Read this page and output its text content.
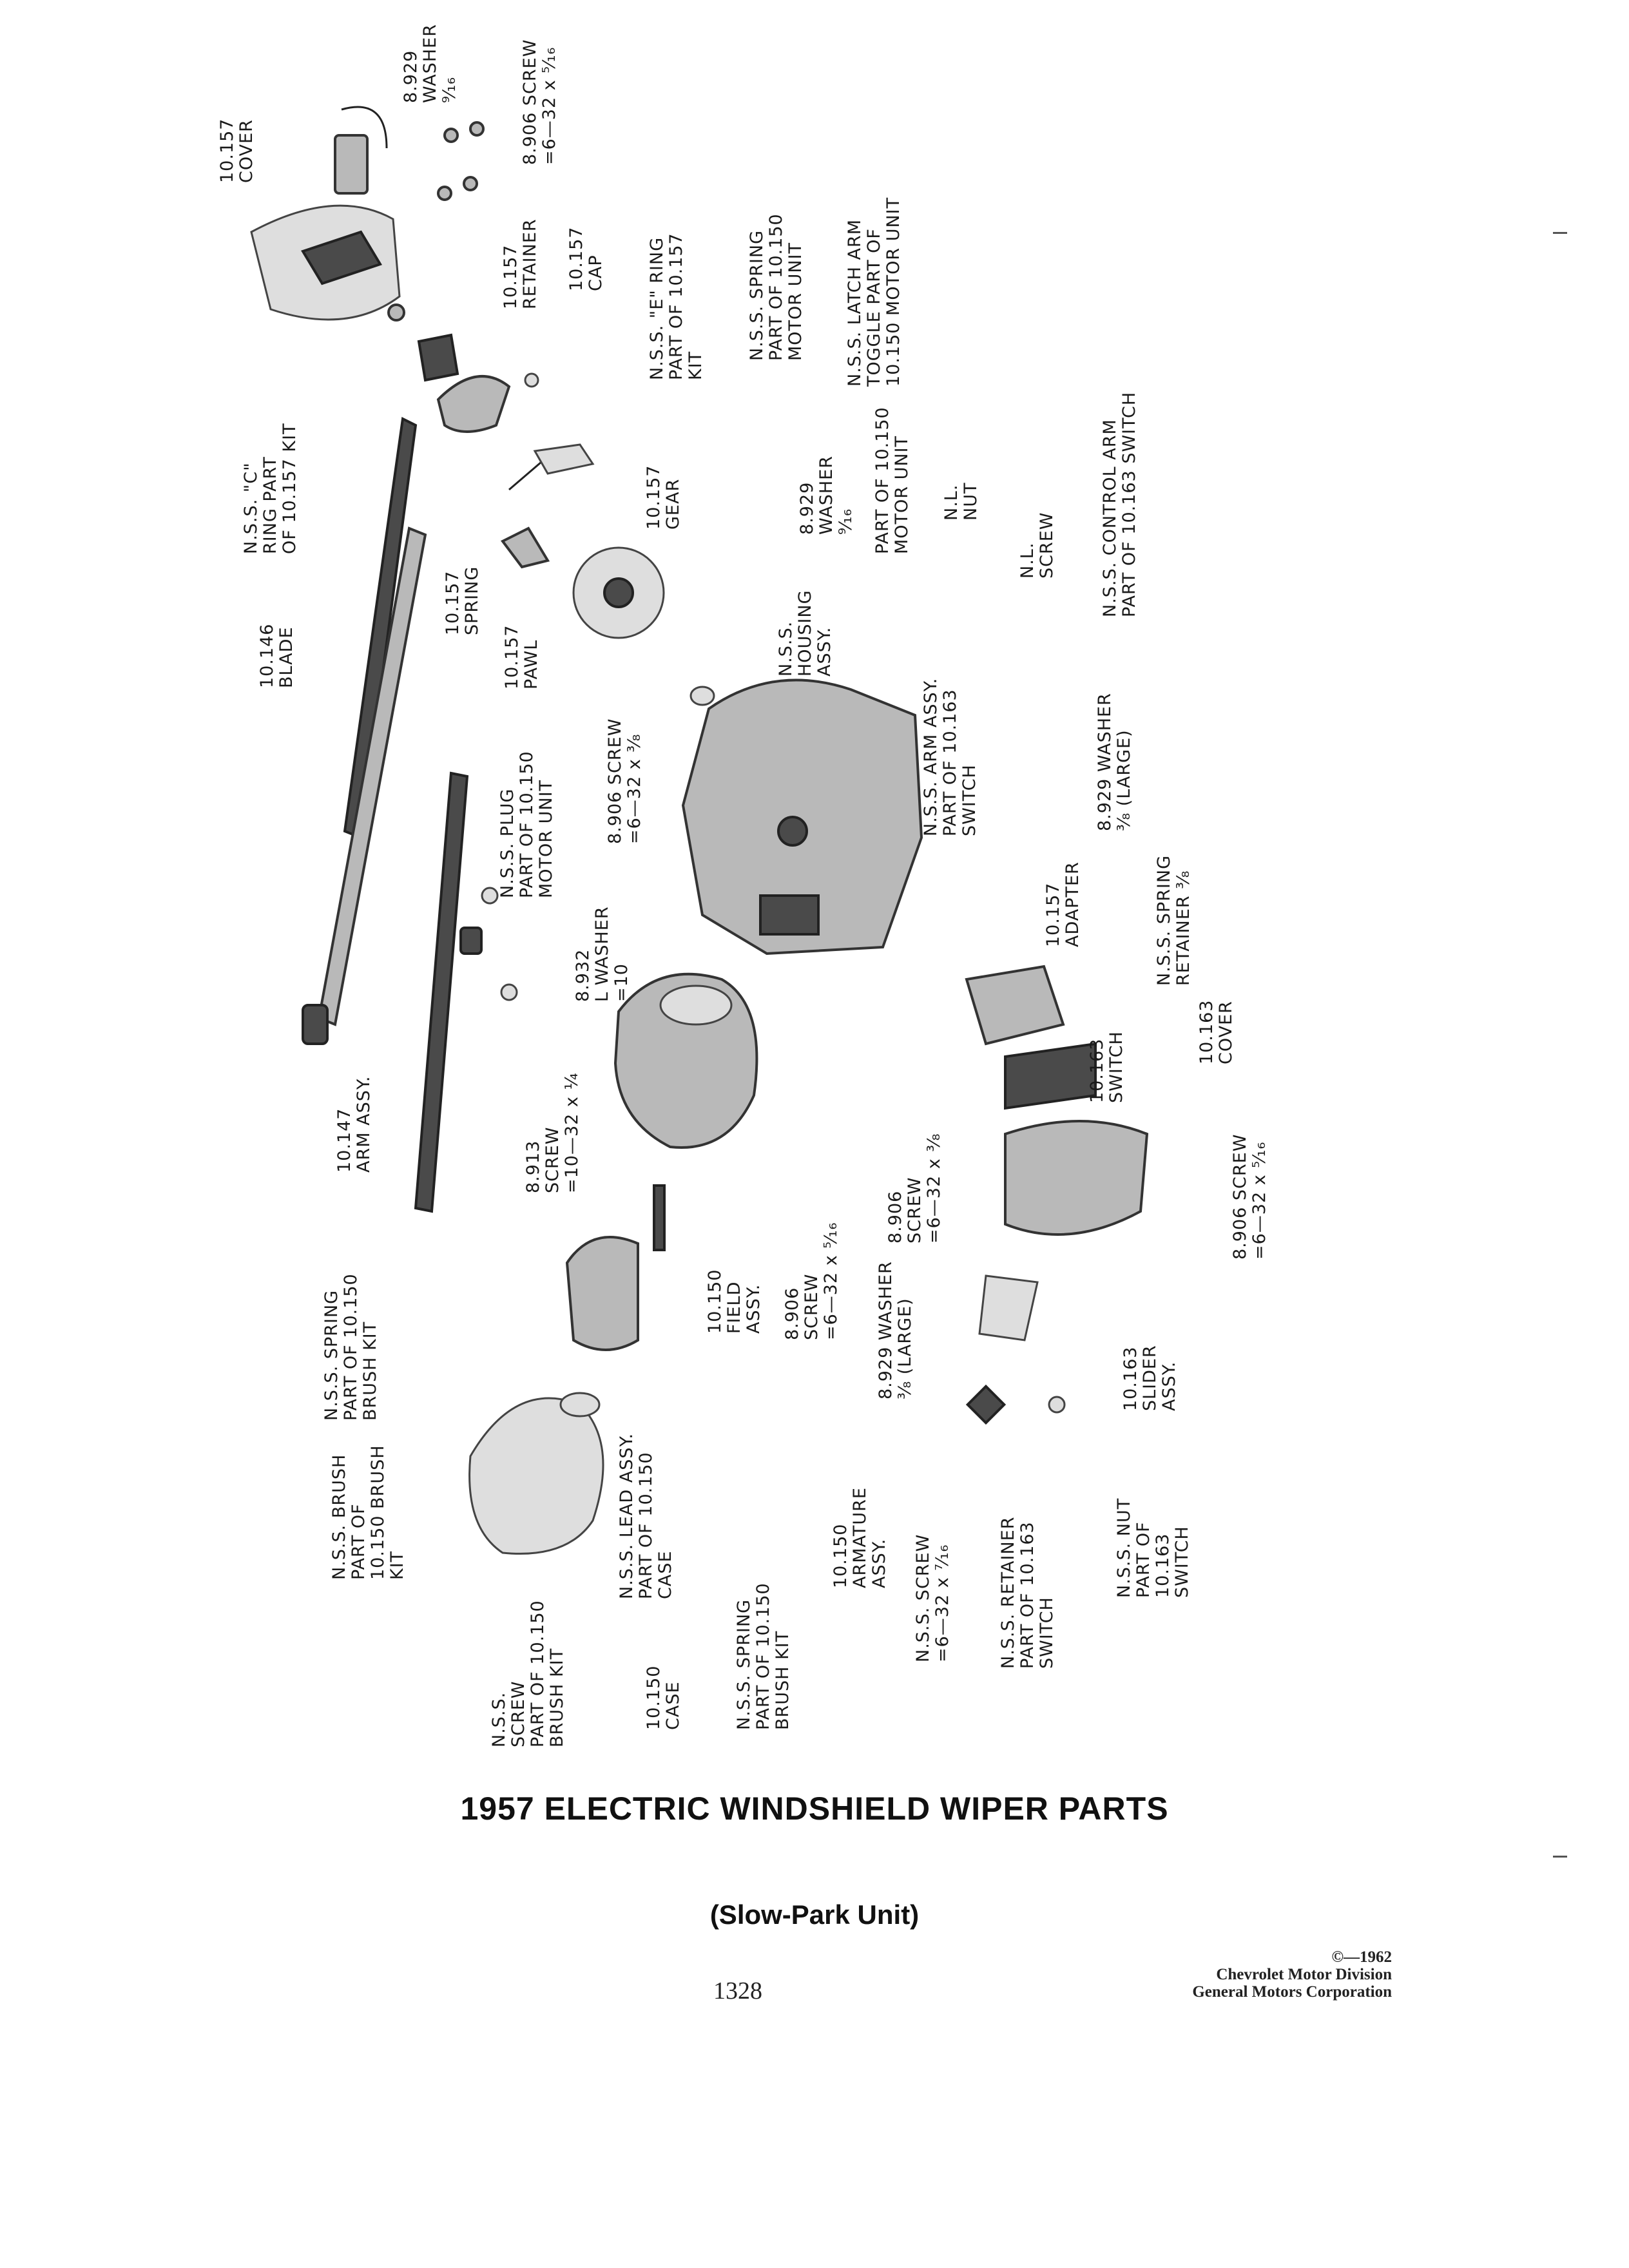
10.157
COVER
8.929
WASHER
⁹⁄₁₆
8.906 SCREW
=6—32 x ⁵⁄₁₆
10.157
RETAINER 10.157
CAP
N.S.S. "E" RING
PART OF 10.157
KIT
N.S.S. SPRING
PART OF 10.150
MOTOR UNIT
N.S.S. LATCH ARM
TOGGLE PART OF
10.150 MOTOR UNIT
N.S.S. "C"
RING PART
OF 10.157 KIT
10.157
GEAR	8.929
WASHER
⁹⁄₁₆ PART OF 10.150
MOTOR UNIT
N.L.
NUT
N.L.
SCREW
N.S.S. CONTROL ARM
PART OF 10.163 SWITCH
10.146
BLADE
10.157
SPRING
10.157
PAWL	N.S.S.
HOUSING
ASSY.
8.906 SCREW
=6—32 x ³⁄₈
N.S.S. PLUG
PART OF 10.150
MOTOR UNIT	N.S.S. ARM ASSY.
PART OF 10.163
SWITCH	8.929 WASHER
³⁄₈ (LARGE)
8.932
L WASHER
=10
10.157
ADAPTER
N.S.S. SPRING
RETAINER ³⁄₈
10.147
ARM ASSY.
8.913
SCREW
=10—32 x ¼	10.163
SWITCH	10.163
COVER
8.906 SCREW
=6—32 x ⁵⁄₁₆
10.150
FIELD
ASSY. 8.906
SCREW
=6—32 x ⁵⁄₁₆	8.906
SCREW
=6—32 x ³⁄₈
8.929 WASHER
³⁄₈ (LARGE)
N.S.S. SPRING
PART OF 10.150
BRUSH KIT
10.163
SLIDER
ASSY.
N.S.S. BRUSH
PART OF
10.150 BRUSH
KIT	N.S.S. LEAD ASSY.
PART OF 10.150
CASE	10.150
ARMATURE
ASSY.
N.S.S. SCREW
=6—32 x ⁷⁄₁₆
N.S.S. RETAINER
PART OF 10.163
SWITCH
N.S.S. NUT
PART OF
10.163
SWITCH
N.S.S.
SCREW
PART OF 10.150
BRUSH KIT
10.150
CASE	N.S.S. SPRING
PART OF 10.150
BRUSH KIT
1957 ELECTRIC WINDSHIELD WIPER PARTS
(Slow-Park Unit)
1328
©—1962
Chevrolet Motor Division
General Motors Corporation
